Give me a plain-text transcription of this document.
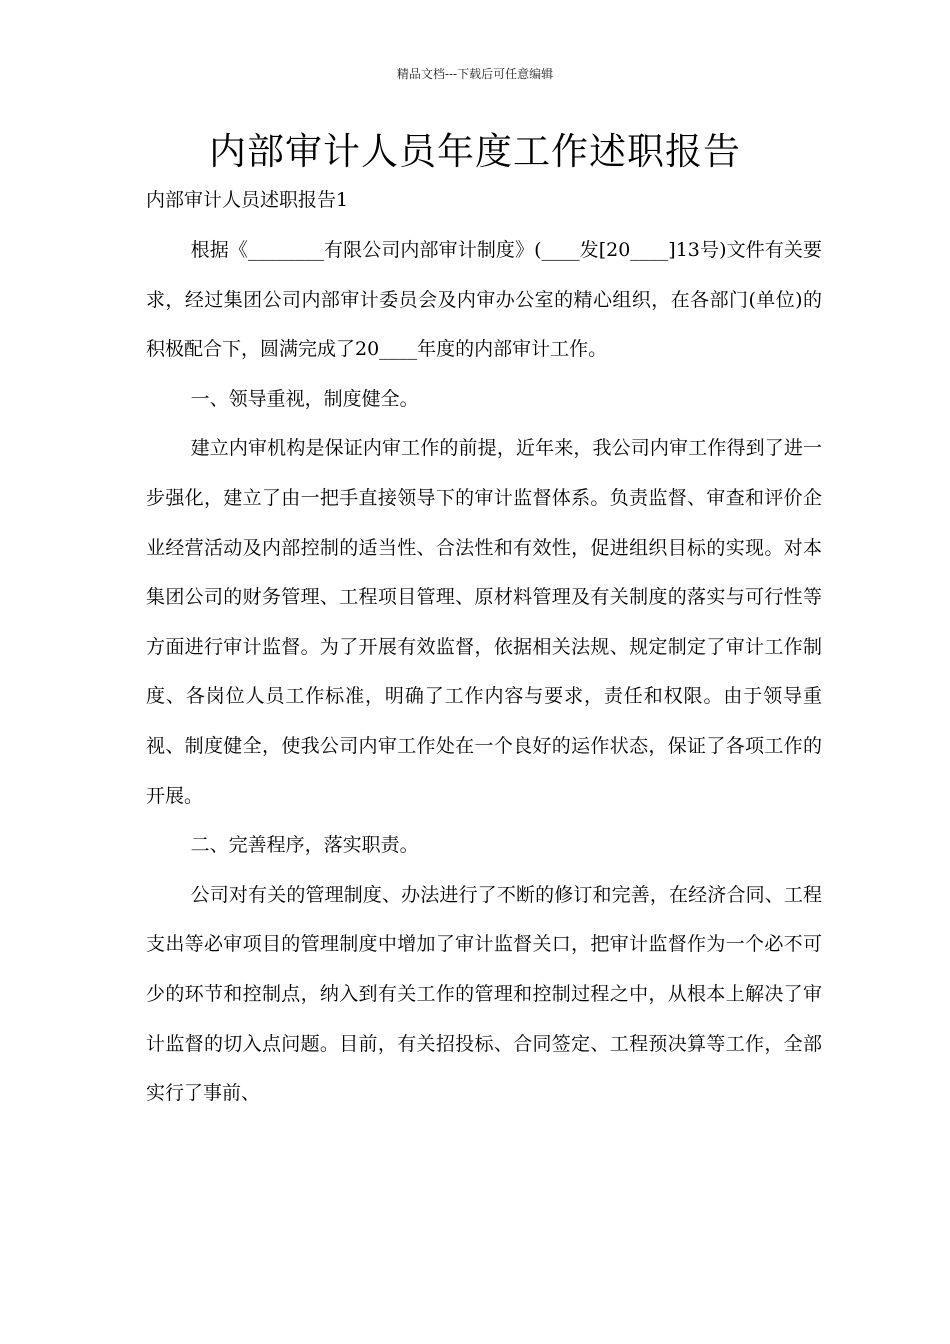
精品文档---下载后可任意编辑
内部审计人员年度工作述职报告

内部审计人员述职报告1

根据《________有限公司内部审计制度》(____发[20____]13号)文件有关要求，经过集团公司内部审计委员会及内审办公室的精心组织，在各部门(单位)的积极配合下，圆满完成了20____年度的内部审计工作。

一、领导重视，制度健全。

建立内审机构是保证内审工作的前提，近年来，我公司内审工作得到了进一步强化，建立了由一把手直接领导下的审计监督体系。负责监督、审查和评价企业经营活动及内部控制的适当性、合法性和有效性，促进组织目标的实现。对本集团公司的财务管理、工程项目管理、原材料管理及有关制度的落实与可行性等方面进行审计监督。为了开展有效监督，依据相关法规、规定制定了审计工作制度、各岗位人员工作标准，明确了工作内容与要求，责任和权限。由于领导重视、制度健全，使我公司内审工作处在一个良好的运作状态，保证了各项工作的开展。

二、完善程序，落实职责。

公司对有关的管理制度、办法进行了不断的修订和完善，在经济合同、工程支出等必审项目的管理制度中增加了审计监督关口，把审计监督作为一个必不可少的环节和控制点，纳入到有关工作的管理和控制过程之中，从根本上解决了审计监督的切入点问题。目前，有关招投标、合同签定、工程预决算等工作，全部实行了事前、
